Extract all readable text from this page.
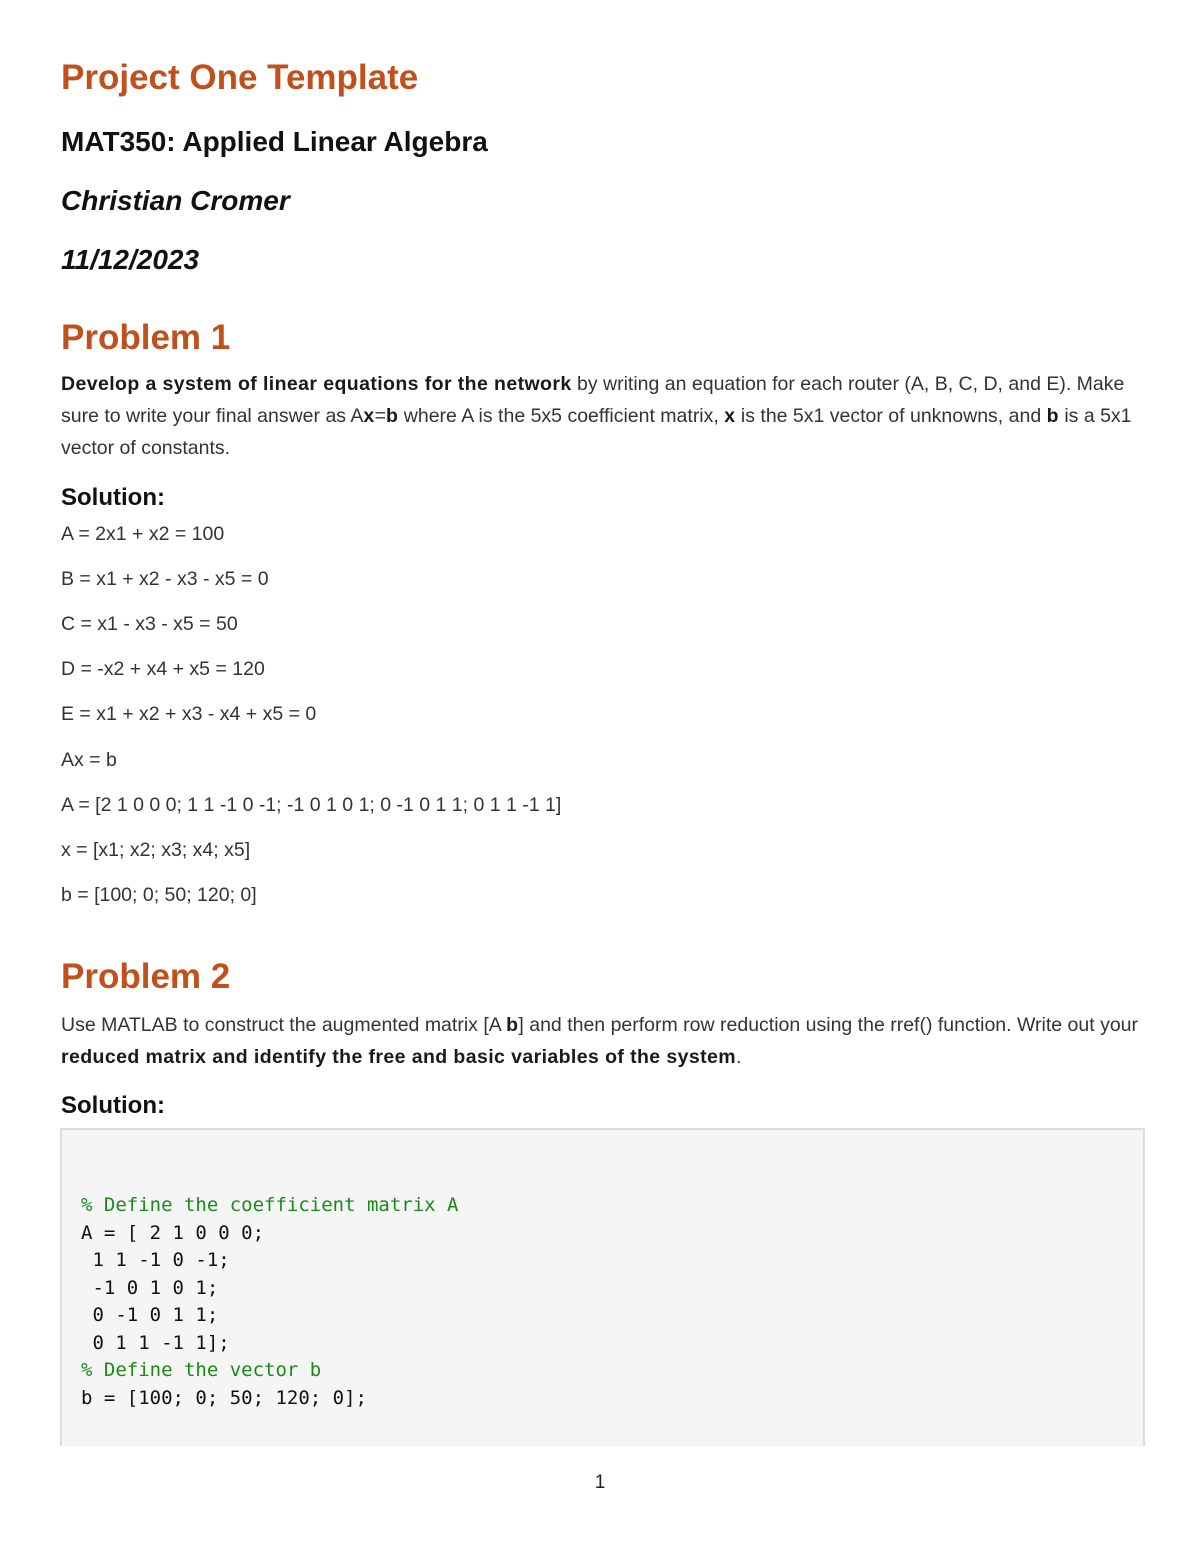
Project One Template
MAT350: Applied Linear Algebra
Christian Cromer
11/12/2023
Problem 1

Develop a system of linear equations for the network by writing an equation for each router (A, B, C, D, and E). Make sure to write your final answer as Ax=b where A is the 5x5 coefficient matrix, x is the 5x1 vector of unknowns, and b is a 5x1 vector of constants.

Solution:
A = 2x1 + x2 = 100
B = x1 + x2 - x3 - x5 = 0
C = x1 - x3 - x5 = 50
D = -x2 + x4 + x5 = 120
E = x1 + x2 + x3 - x4 + x5 = 0
Ax = b
A = [2 1 0 0 0; 1 1 -1 0 -1; -1 0 1 0 1; 0 -1 0 1 1; 0 1 1 -1 1]
x = [x1; x2; x3; x4; x5]
b = [100; 0; 50; 120; 0]
Problem 2

Use MATLAB to construct the augmented matrix [A b] and then perform row reduction using the rref() function. Write out your reduced matrix and identify the free and basic variables of the system.

Solution:
% Define the coefficient matrix A
A = [ 2 1 0 0 0;
1 1 -1 0 -1;
-1 0 1 0 1;
0 -1 0 1 1;
0 1 1 -1 1];
% Define the vector b
b = [100; 0; 50; 120; 0];

1
